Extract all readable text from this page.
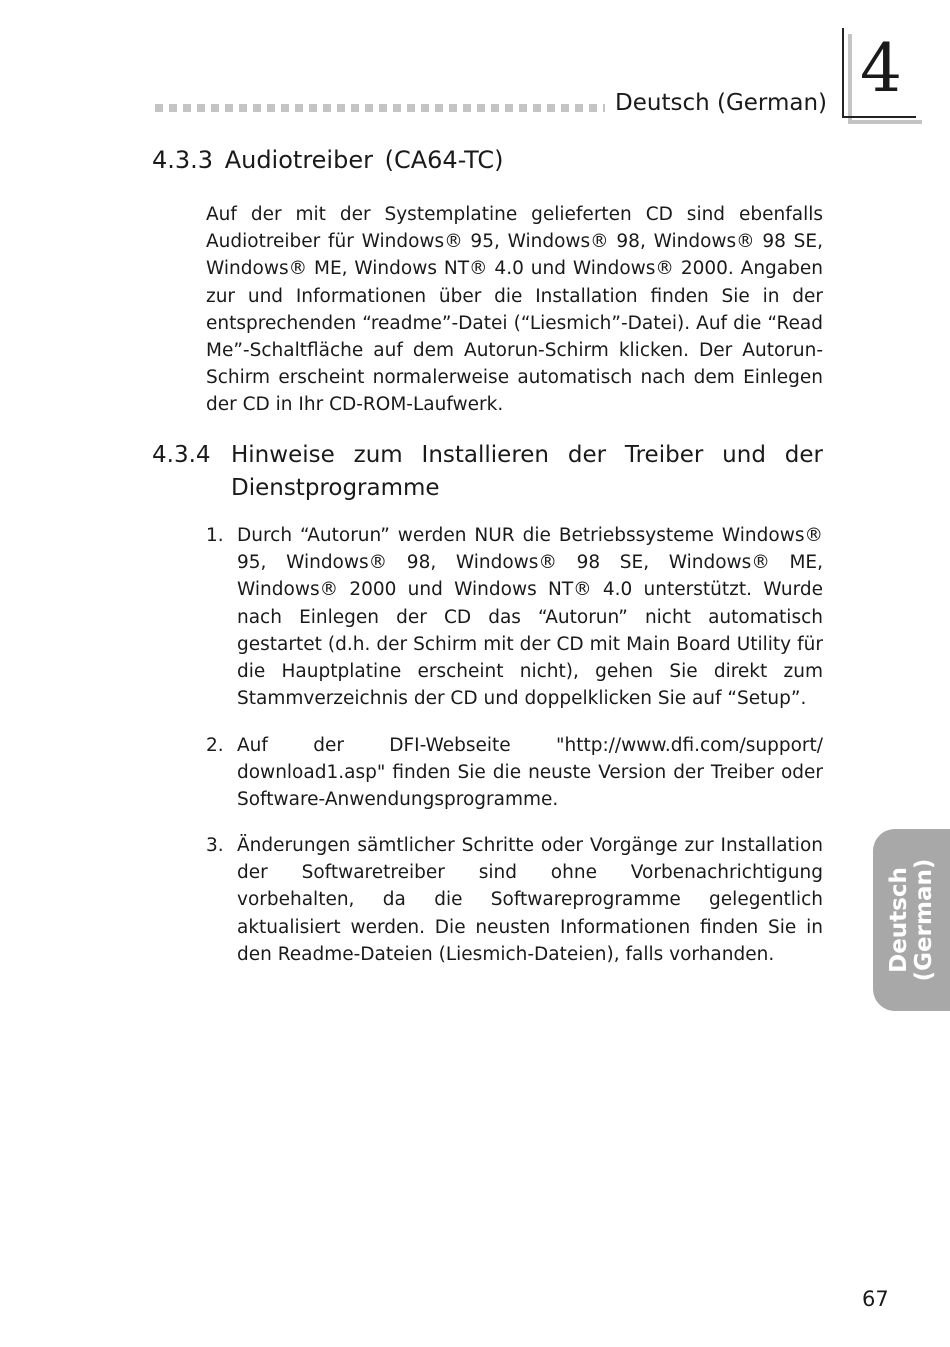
Deutsch (German) 4
4.3.3 Audiotreiber (CA64-TC)
Auf der mit der Systemplatine gelieferten CD sind ebenfalls Audiotreiber für Windows® 95, Windows® 98, Windows® 98 SE, Windows® ME, Windows NT® 4.0 und Windows® 2000. Angaben zur und Informationen über die Installation finden Sie in der entsprechenden “readme”-Datei (“Liesmich”-Datei). Auf die “Read Me”-Schaltfläche auf dem Autorun-Schirm klicken. Der Autorun-Schirm erscheint normalerweise automatisch nach dem Einlegen der CD in Ihr CD-ROM-Laufwerk.
4.3.4 Hinweise zum Installieren der Treiber und der Dienstprogramme
1. Durch “Autorun” werden NUR die Betriebssysteme Windows® 95, Windows® 98, Windows® 98 SE, Windows® ME, Windows® 2000 und Windows NT® 4.0 unterstützt. Wurde nach Einlegen der CD das “Autorun” nicht automatisch gestartet (d.h. der Schirm mit der CD mit Main Board Utility für die Hauptplatine erscheint nicht), gehen Sie direkt zum Stammverzeichnis der CD und doppelklicken Sie auf “Setup”.
2. Auf der DFI-Webseite "http://www.dfi.com/support/ download1.asp" finden Sie die neuste Version der Treiber oder Software-Anwendungsprogramme.
3. Änderungen sämtlicher Schritte oder Vorgänge zur Installation der Softwaretreiber sind ohne Vorbenachrichtigung vorbehalten, da die Softwareprogramme gelegentlich aktualisiert werden. Die neusten Informationen finden Sie in den Readme-Dateien (Liesmich-Dateien), falls vorhanden.	Deutsch (German)
67
